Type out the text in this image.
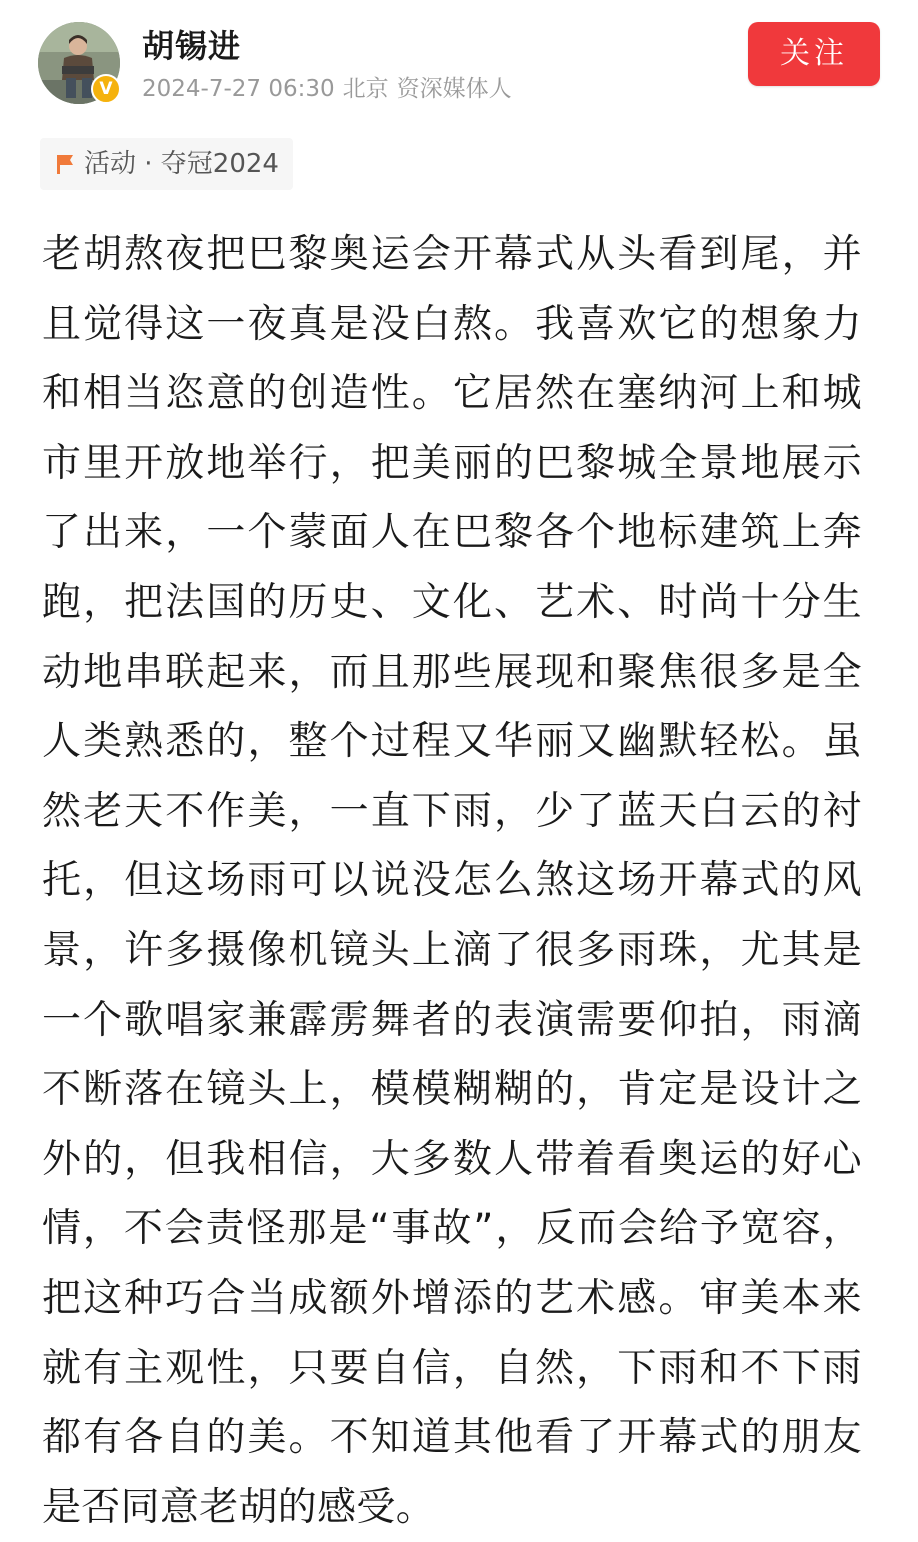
V
胡锡进
2024-7-27 06:30 北京 资深媒体人
关注
活动 · 夺冠2024
老胡熬夜把巴黎奥运会开幕式从头看到尾，并且觉得这一夜真是没白熬。我喜欢它的想象力和相当恣意的创造性。它居然在塞纳河上和城市里开放地举行，把美丽的巴黎城全景地展示了出来，一个蒙面人在巴黎各个地标建筑上奔跑，把法国的历史、文化、艺术、时尚十分生动地串联起来，而且那些展现和聚焦很多是全人类熟悉的，整个过程又华丽又幽默轻松。虽然老天不作美，一直下雨，少了蓝天白云的衬托，但这场雨可以说没怎么煞这场开幕式的风景，许多摄像机镜头上滴了很多雨珠，尤其是一个歌唱家兼霹雳舞者的表演需要仰拍，雨滴不断落在镜头上，模模糊糊的，肯定是设计之外的，但我相信，大多数人带着看奥运的好心情，不会责怪那是“事故”，反而会给予宽容，把这种巧合当成额外增添的艺术感。审美本来就有主观性，只要自信，自然，下雨和不下雨都有各自的美。不知道其他看了开幕式的朋友是否同意老胡的感受。
